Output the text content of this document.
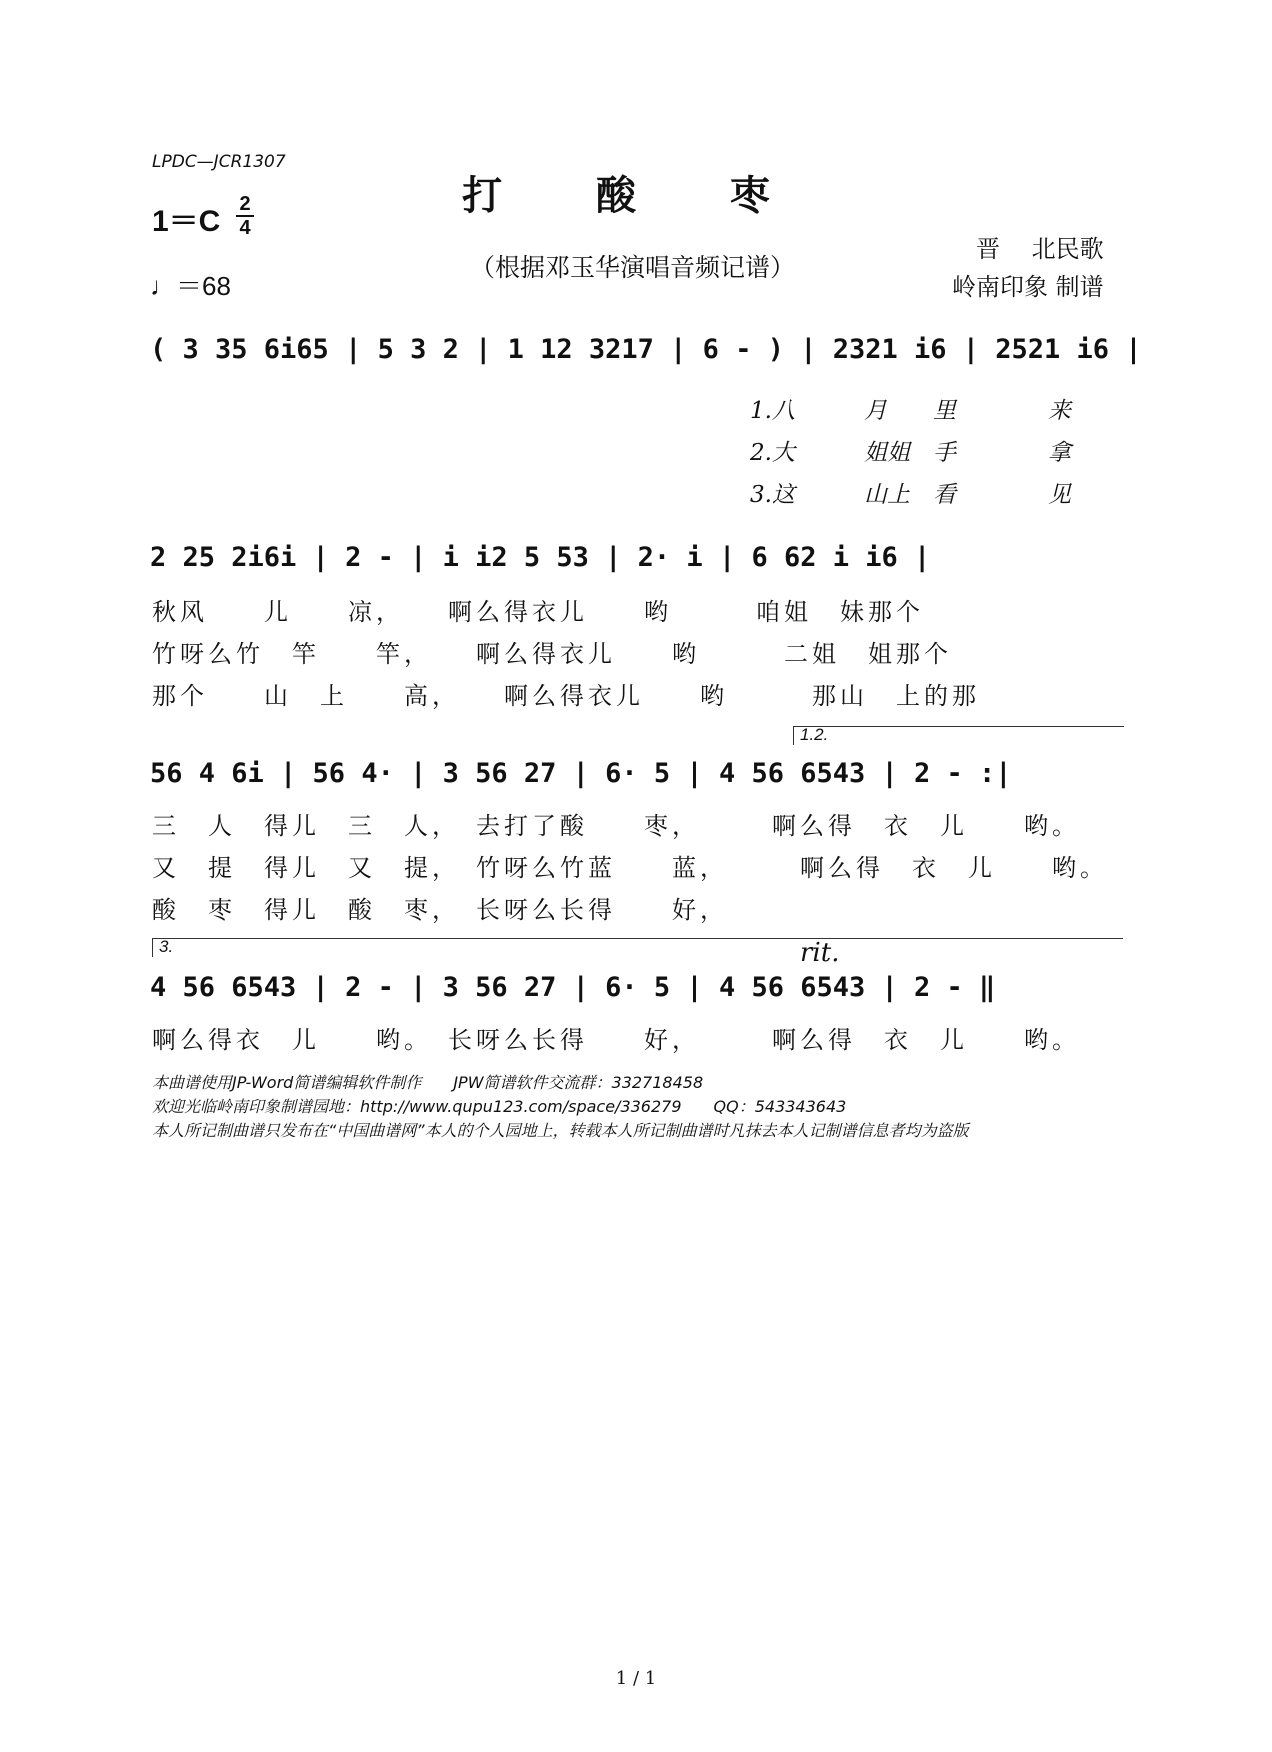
LPDC—JCR1307
打 酸 枣
（根据邓玉华演唱音频记谱）
1＝C
2
4
♩＝68
晋　 北民歌
岭南印象 制谱
( 3 35 6i65 | 5 3 2 | 1 12 3217 | 6 - ) | 2321 i6 | 2521 i6 |
1.八　　　月　　里　　　　来
2.大　　　姐姐　手　　　　拿
3.这　　　山上　看　　　　见
2 25 2i6i | 2 - | i i2 5 53 | 2· i | 6 62 i i6 |
秋风　　儿　　凉，　　啊么得衣儿　　哟　　　咱姐　妹那个
竹呀么竹　竿　　竿，　　啊么得衣儿　　哟　　　二姐　姐那个
那个　　山　上　　高，　　啊么得衣儿　　哟　　　那山　上的那
1.2.
56 4 6i | 56 4· | 3 56 27 | 6· 5 | 4 56 6543 | 2 - :|
三　人　得儿　三　人，　去打了酸　　枣，　　　啊么得　衣　儿　　哟。
又　提　得儿　又　提，　竹呀么竹蓝　　蓝，　　　啊么得　衣　儿　　哟。
酸　枣　得儿　酸　枣，　长呀么长得　　好，
3.	rit.
4 56 6543 | 2 - | 3 56 27 | 6· 5 | 4 56 6543 | 2 - ‖
啊么得衣　儿　　哟。　长呀么长得　　好，　　　啊么得　衣　儿　　哟。
本曲谱使用JP-Word简谱编辑软件制作　　JPW简谱软件交流群：332718458
欢迎光临岭南印象制谱园地：http://www.qupu123.com/space/336279　　QQ：543343643
本人所记制曲谱只发布在“中国曲谱网”本人的个人园地上，转载本人所记制曲谱时凡抹去本人记制谱信息者均为盗版
1 / 1
